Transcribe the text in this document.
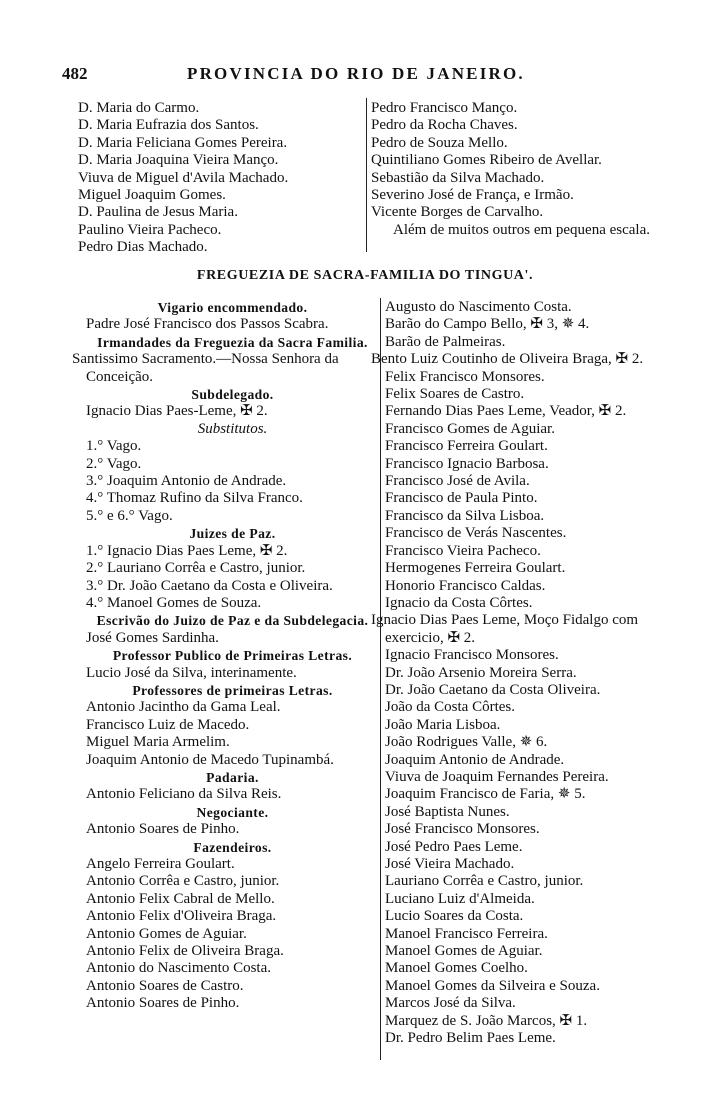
482	PROVINCIA DO RIO DE JANEIRO.
D. Maria do Carmo.
D. Maria Eufrazia dos Santos.
D. Maria Feliciana Gomes Pereira.
D. Maria Joaquina Vieira Manço.
Viuva de Miguel d'Avila Machado.
Miguel Joaquim Gomes.
D. Paulina de Jesus Maria.
Paulino Vieira Pacheco.
Pedro Dias Machado.
Pedro Francisco Manço.
Pedro da Rocha Chaves.
Pedro de Souza Mello.
Quintiliano Gomes Ribeiro de Avellar.
Sebastião da Silva Machado.
Severino José de França, e Irmão.
Vicente Borges de Carvalho.
Além de muitos outros em pequena escala.
FREGUEZIA DE SACRA-FAMILIA DO TINGUA'.
Vigario encommendado.
Padre José Francisco dos Passos Scabra.
Irmandades da Freguezia da Sacra Familia.
Santissimo Sacramento.—Nossa Senhora da Conceição.
Subdelegado.
Ignacio Dias Paes-Leme, ✠ 2.
Substitutos.
1.° Vago.
2.° Vago.
3.° Joaquim Antonio de Andrade.
4.° Thomaz Rufino da Silva Franco.
5.° e 6.° Vago.
Juizes de Paz.
1.° Ignacio Dias Paes Leme, ✠ 2.
2.° Lauriano Corrêa e Castro, junior.
3.° Dr. João Caetano da Costa e Oliveira.
4.° Manoel Gomes de Souza.
Escrivão do Juizo de Paz e da Subdelegacia.
José Gomes Sardinha.
Professor Publico de Primeiras Letras.
Lucio José da Silva, interinamente.
Professores de primeiras Letras.
Antonio Jacintho da Gama Leal.
Francisco Luiz de Macedo.
Miguel Maria Armelim.
Joaquim Antonio de Macedo Tupinambá.
Padaria.
Antonio Feliciano da Silva Reis.
Negociante.
Antonio Soares de Pinho.
Fazendeiros.
Angelo Ferreira Goulart.
Antonio Corrêa e Castro, junior.
Antonio Felix Cabral de Mello.
Antonio Felix d'Oliveira Braga.
Antonio Gomes de Aguiar.
Antonio Felix de Oliveira Braga.
Antonio do Nascimento Costa.
Antonio Soares de Castro.
Antonio Soares de Pinho.
Augusto do Nascimento Costa.
Barão do Campo Bello, ✠ 3, ✵ 4.
Barão de Palmeiras.
Bento Luiz Coutinho de Oliveira Braga, ✠ 2.
Felix Francisco Monsores.
Felix Soares de Castro.
Fernando Dias Paes Leme, Veador, ✠ 2.
Francisco Gomes de Aguiar.
Francisco Ferreira Goulart.
Francisco Ignacio Barbosa.
Francisco José de Avila.
Francisco de Paula Pinto.
Francisco da Silva Lisboa.
Francisco de Verás Nascentes.
Francisco Vieira Pacheco.
Hermogenes Ferreira Goulart.
Honorio Francisco Caldas.
Ignacio da Costa Côrtes.
Ignacio Dias Paes Leme, Moço Fidalgo com exercicio, ✠ 2.
Ignacio Francisco Monsores.
Dr. João Arsenio Moreira Serra.
Dr. João Caetano da Costa Oliveira.
João da Costa Côrtes.
João Maria Lisboa.
João Rodrigues Valle, ✵ 6.
Joaquim Antonio de Andrade.
Viuva de Joaquim Fernandes Pereira.
Joaquim Francisco de Faria, ✵ 5.
José Baptista Nunes.
José Francisco Monsores.
José Pedro Paes Leme.
José Vieira Machado.
Lauriano Corrêa e Castro, junior.
Luciano Luiz d'Almeida.
Lucio Soares da Costa.
Manoel Francisco Ferreira.
Manoel Gomes de Aguiar.
Manoel Gomes Coelho.
Manoel Gomes da Silveira e Souza.
Marcos José da Silva.
Marquez de S. João Marcos, ✠ 1.
Dr. Pedro Belim Paes Leme.
